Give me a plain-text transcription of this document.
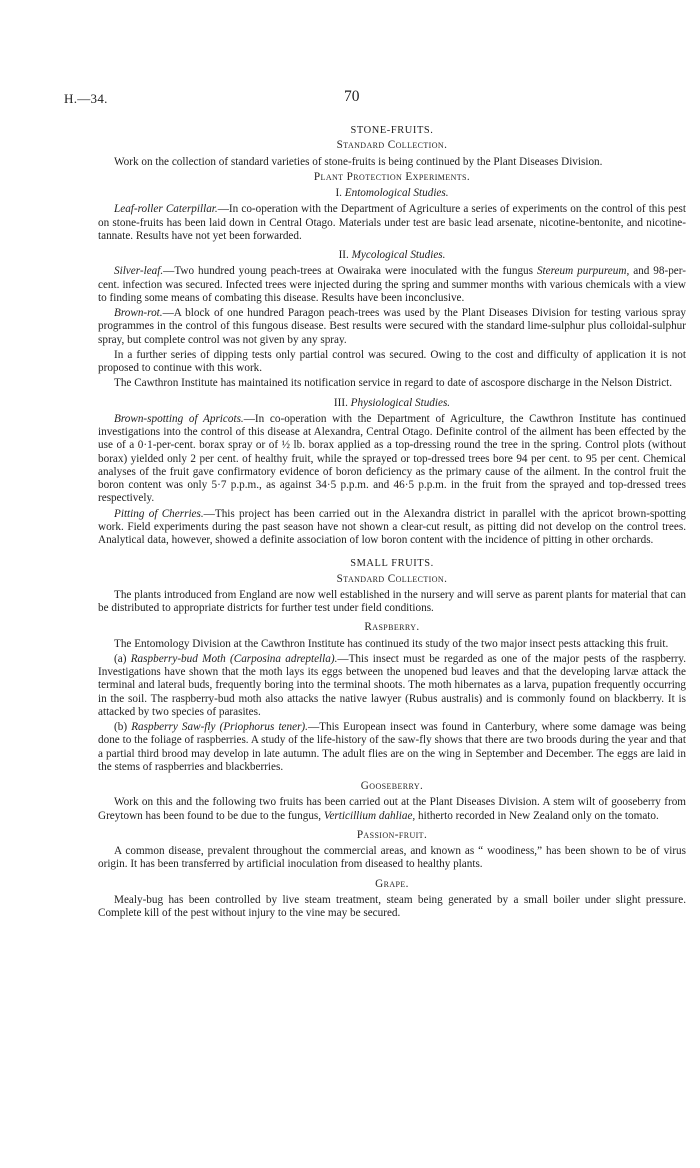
H.—34.	70
STONE-FRUITS.
Standard Collection.

Work on the collection of standard varieties of stone-fruits is being continued by the Plant Diseases Division.

Plant Protection Experiments.
I. Entomological Studies.

Leaf-roller Caterpillar.—In co-operation with the Department of Agriculture a series of experiments on the control of this pest on stone-fruits has been laid down in Central Otago. Materials under test are basic lead arsenate, nicotine-bentonite, and nicotine-tannate. Results have not yet been forwarded.

II. Mycological Studies.

Silver-leaf.—Two hundred young peach-trees at Owairaka were inoculated with the fungus Stereum purpureum, and 98-per-cent. infection was secured. Infected trees were injected during the spring and summer months with various chemicals with a view to finding some means of combating this disease. Results have been inconclusive.

Brown-rot.—A block of one hundred Paragon peach-trees was used by the Plant Diseases Division for testing various spray programmes in the control of this fungous disease. Best results were secured with the standard lime-sulphur plus colloidal-sulphur spray, but complete control was not given by any spray.

In a further series of dipping tests only partial control was secured. Owing to the cost and difficulty of application it is not proposed to continue with this work.

The Cawthron Institute has maintained its notification service in regard to date of ascospore discharge in the Nelson District.

III. Physiological Studies.

Brown-spotting of Apricots.—In co-operation with the Department of Agriculture, the Cawthron Institute has continued investigations into the control of this disease at Alexandra, Central Otago. Definite control of the ailment has been effected by the use of a 0·1-per-cent. borax spray or of ½ lb. borax applied as a top-dressing round the tree in the spring. Control plots (without borax) yielded only 2 per cent. of healthy fruit, while the sprayed or top-dressed trees bore 94 per cent. to 95 per cent. Chemical analyses of the fruit gave confirmatory evidence of boron deficiency as the primary cause of the ailment. In the control fruit the boron content was only 5·7 p.p.m., as against 34·5 p.p.m. and 46·5 p.p.m. in the fruit from the sprayed and top-dressed trees respectively.

Pitting of Cherries.—This project has been carried out in the Alexandra district in parallel with the apricot brown-spotting work. Field experiments during the past season have not shown a clear-cut result, as pitting did not develop on the control trees. Analytical data, however, showed a definite association of low boron content with the incidence of pitting in other orchards.

SMALL FRUITS.
Standard Collection.

The plants introduced from England are now well established in the nursery and will serve as parent plants for material that can be distributed to appropriate districts for further test under field conditions.

Raspberry.

The Entomology Division at the Cawthron Institute has continued its study of the two major insect pests attacking this fruit.

(a) Raspberry-bud Moth (Carposina adreptella).—This insect must be regarded as one of the major pests of the raspberry. Investigations have shown that the moth lays its eggs between the unopened bud leaves and that the developing larvæ attack the terminal and lateral buds, frequently boring into the terminal shoots. The moth hibernates as a larva, pupation frequently occurring in the soil. The raspberry-bud moth also attacks the native lawyer (Rubus australis) and is commonly found on blackberry. It is attacked by two species of parasites.

(b) Raspberry Saw-fly (Priophorus tener).—This European insect was found in Canterbury, where some damage was being done to the foliage of raspberries. A study of the life-history of the saw-fly shows that there are two broods during the year and that a partial third brood may develop in late autumn. The adult flies are on the wing in September and December. The eggs are laid in the stems of raspberries and blackberries.

Gooseberry.

Work on this and the following two fruits has been carried out at the Plant Diseases Division. A stem wilt of gooseberry from Greytown has been found to be due to the fungus, Verticillium dahliae, hitherto recorded in New Zealand only on the tomato.

Passion-fruit.

A common disease, prevalent throughout the commercial areas, and known as “ woodiness,” has been shown to be of virus origin. It has been transferred by artificial inoculation from diseased to healthy plants.

Grape.

Mealy-bug has been controlled by live steam treatment, steam being generated by a small boiler under slight pressure. Complete kill of the pest without injury to the vine may be secured.
